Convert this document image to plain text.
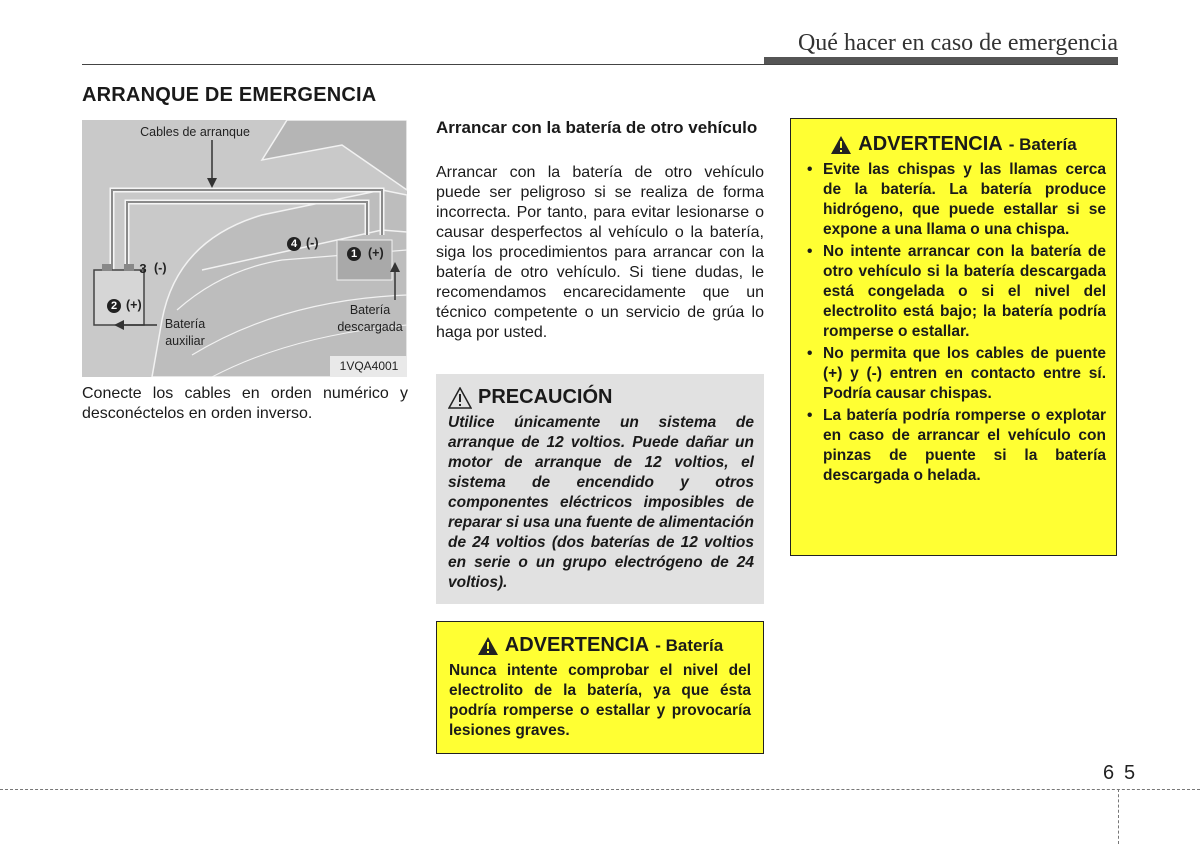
Qué hacer en caso de emergencia
ARRANQUE DE EMERGENCIA
Cables de arranque
Batería
auxiliar
Batería
descargada
1VQA4001
4 (-)
1 (+)
3 (-)
2 (+)
Conecte los cables en orden numérico y desconéctelos en orden inverso.
Arrancar con la batería de otro vehículo
Arrancar con la batería de otro vehículo puede ser peligroso si se realiza de forma incorrecta. Por tanto, para evitar lesionarse o causar desperfectos al vehículo o la batería, siga los procedimientos para arrancar con la batería de otro vehículo. Si tiene dudas, le recomendamos encarecidamente que un técnico competente o un servicio de grúa lo haga por usted.
PRECAUCIÓN
Utilice únicamente un sistema de arranque de 12 voltios. Puede dañar un motor de arranque de 12 voltios, el sistema de encendido y otros componentes eléctricos imposibles de reparar si usa una fuente de alimentación de 24 voltios (dos baterías de 12 voltios en serie o un grupo electrógeno de 24 voltios).
ADVERTENCIA - Batería
Nunca intente comprobar el nivel del electrolito de la batería, ya que ésta podría romperse o estallar y provocaría lesiones graves.
ADVERTENCIA - Batería
• Evite las chispas y las llamas cerca de la batería. La batería produce hidrógeno, que puede estallar si se expone a una llama o una chispa.
• No intente arrancar con la batería de otro vehículo si la batería descargada está congelada o si el nivel del electrolito está bajo; la batería podría romperse o estallar.
• No permita que los cables de puente (+) y (-) entren en contacto entre sí. Podría causar chispas.
• La batería podría romperse o explotar en caso de arrancar el vehículo con pinzas de puente si la batería descargada o helada.
6 5
